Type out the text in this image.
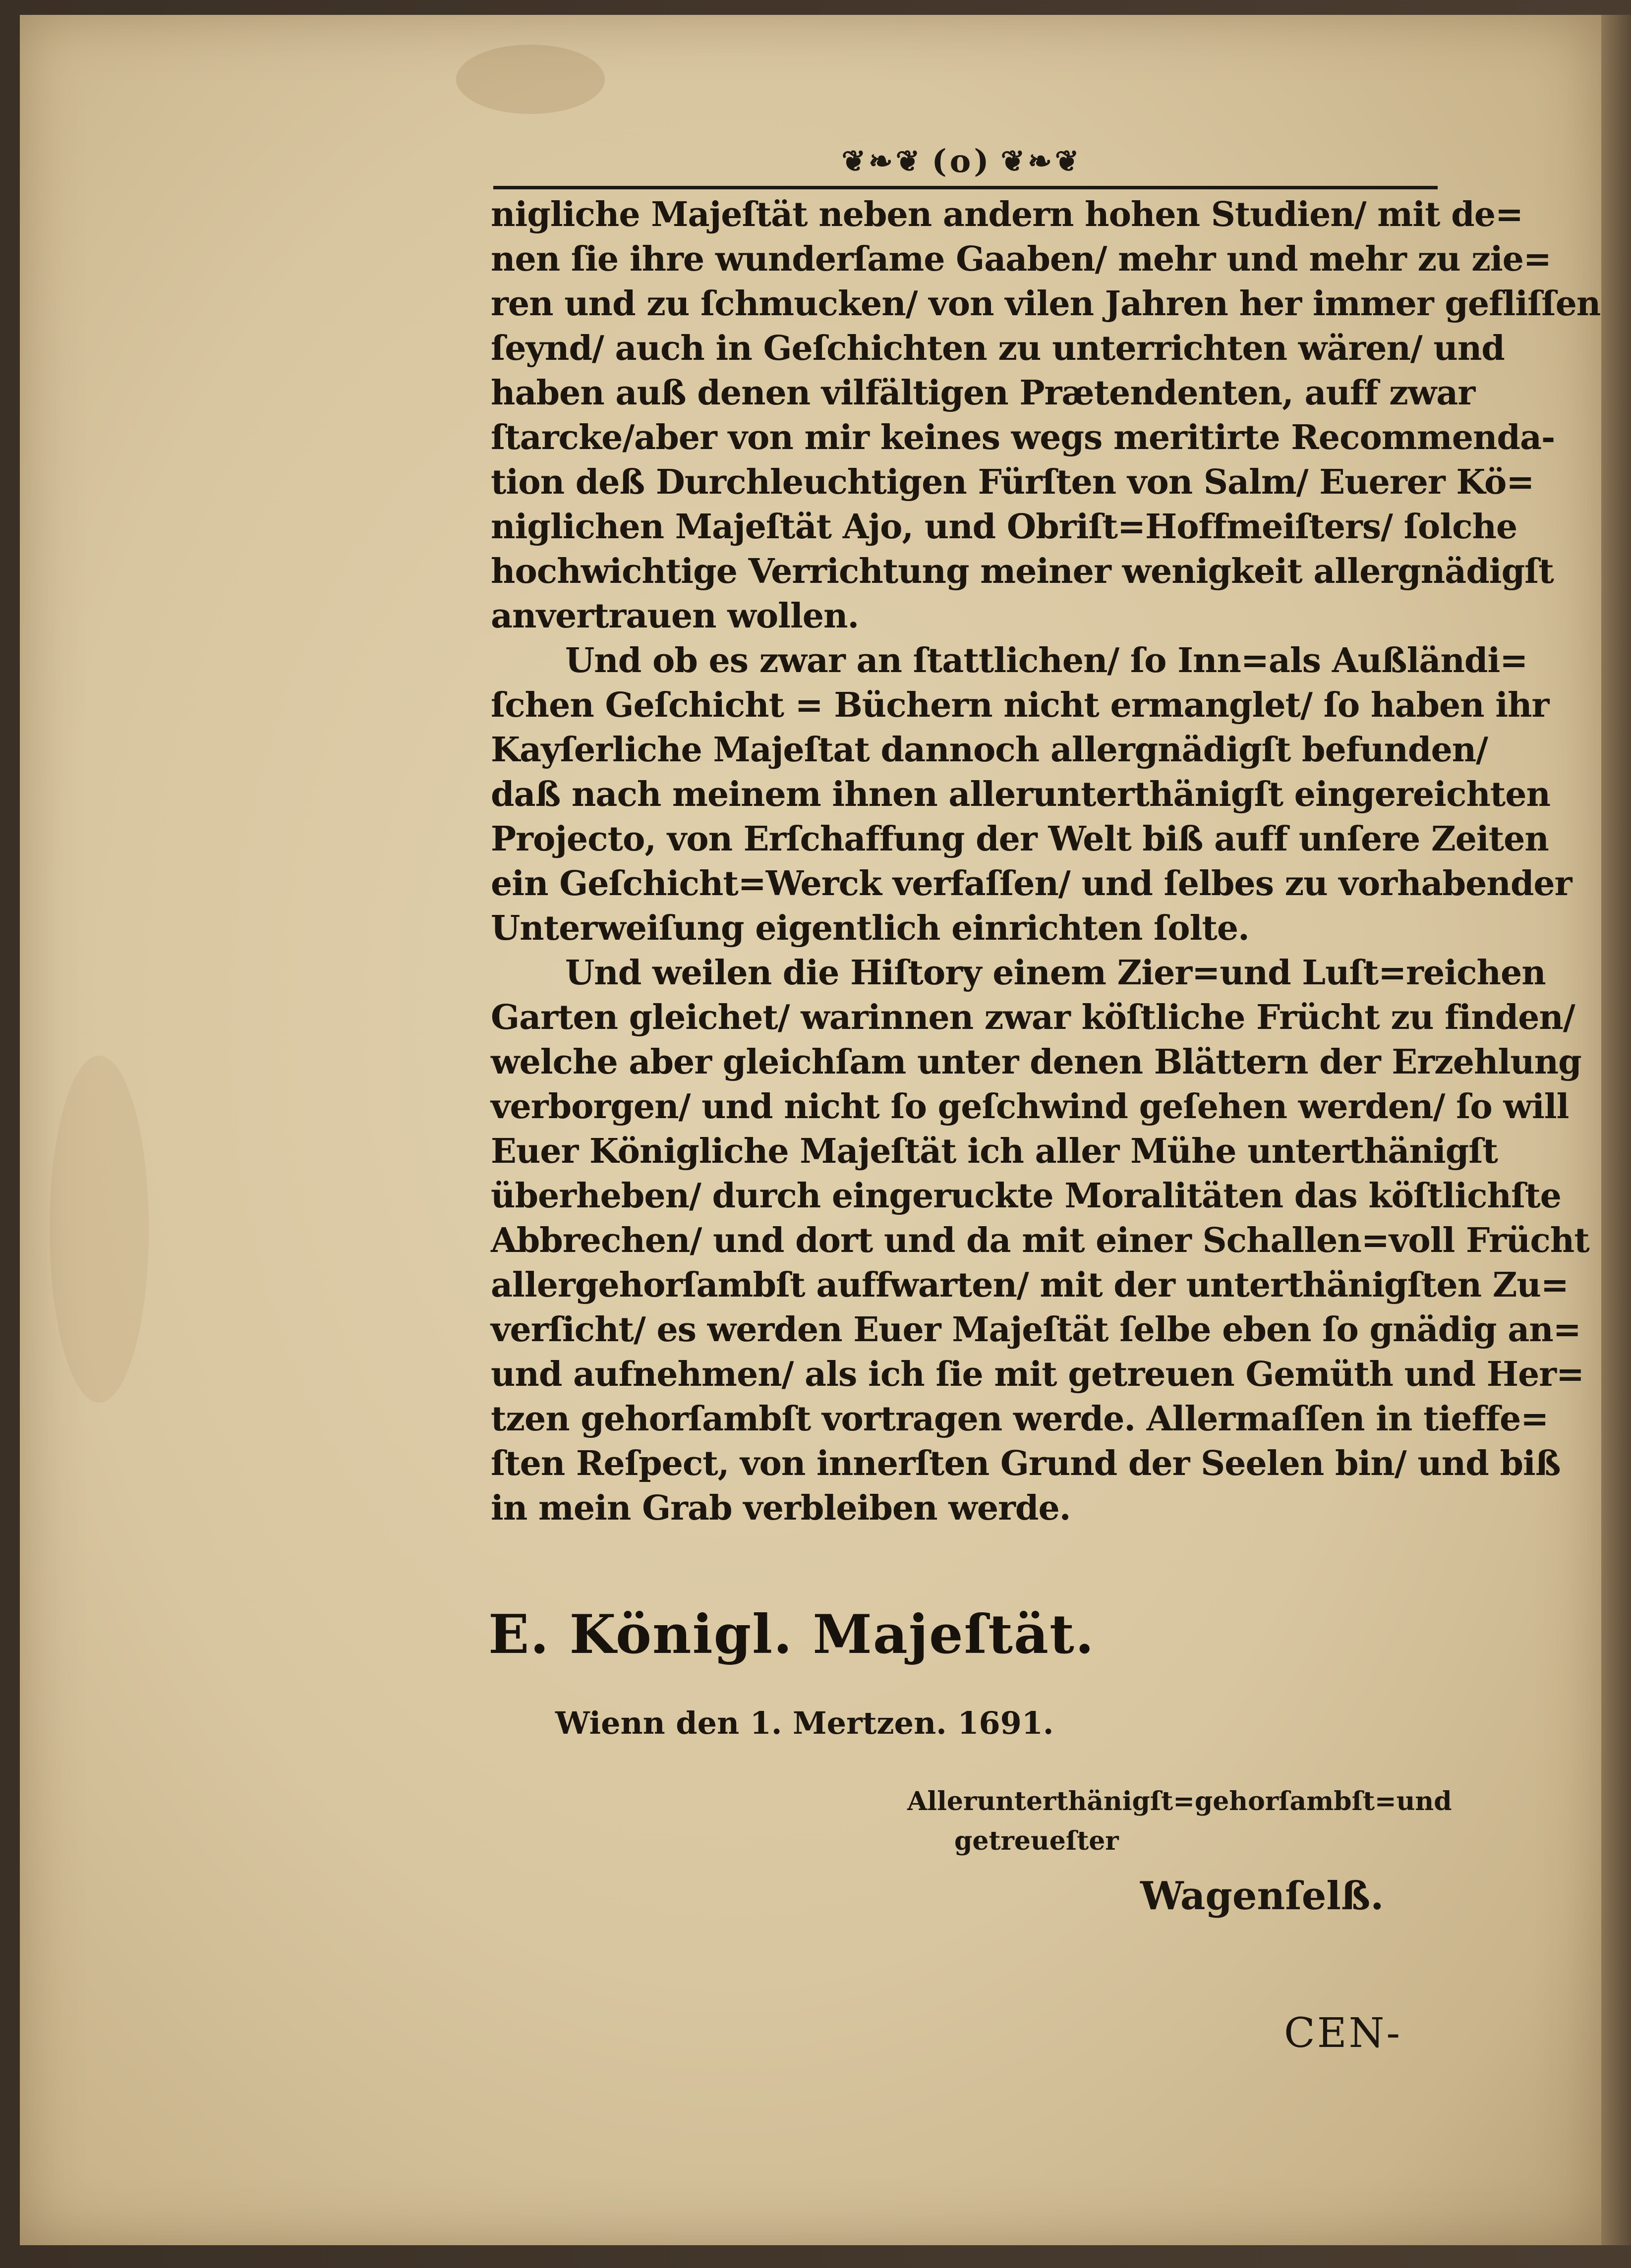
❦❧❦ (o) ❦❧❦
nigliche Majeſtät neben andern hohen Studien/ mit de=
nen ſie ihre wunderſame Gaaben/ mehr und mehr zu zie=
ren und zu ſchmucken/ von vilen Jahren her immer gefliſſen
ſeynd/ auch in Geſchichten zu unterrichten wären/ und
haben auß denen vilfältigen Prætendenten, auff zwar
ſtarcke/aber von mir keines wegs meritirte Recommenda-
tion deß Durchleuchtigen Fürſten von Salm/ Euerer Kö=
niglichen Majeſtät Ajo, und Obriſt=Hoffmeiſters/ ſolche
hochwichtige Verrichtung meiner wenigkeit allergnädigſt
anvertrauen wollen.
Und ob es zwar an ſtattlichen/ ſo Inn=als Außländi=
ſchen Geſchicht = Büchern nicht ermanglet/ ſo haben ihr
Kayſerliche Majeſtat dannoch allergnädigſt befunden/
daß nach meinem ihnen allerunterthänigſt eingereichten
Projecto, von Erſchaffung der Welt biß auff unſere Zeiten
ein Geſchicht=Werck verfaſſen/ und ſelbes zu vorhabender
Unterweiſung eigentlich einrichten ſolte.
Und weilen die Hiſtory einem Zier=und Luſt=reichen
Garten gleichet/ warinnen zwar köſtliche Frücht zu finden/
welche aber gleichſam unter denen Blättern der Erzehlung
verborgen/ und nicht ſo geſchwind geſehen werden/ ſo will
Euer Königliche Majeſtät ich aller Mühe unterthänigſt
überheben/ durch eingeruckte Moralitäten das köſtlichſte
Abbrechen/ und dort und da mit einer Schallen=voll Frücht
allergehorſambſt auffwarten/ mit der unterthänigſten Zu=
verſicht/ es werden Euer Majeſtät ſelbe eben ſo gnädig an=
und aufnehmen/ als ich ſie mit getreuen Gemüth und Her=
tzen gehorſambſt vortragen werde. Allermaſſen in tieffe=
ſten Reſpect, von innerſten Grund der Seelen bin/ und biß
in mein Grab verbleiben werde.
E. Königl. Majeſtät.
Wienn den 1. Mertzen. 1691.
Allerunterthänigſt=gehorſambſt=und
getreueſter
Wagenſelß.
CEN-
